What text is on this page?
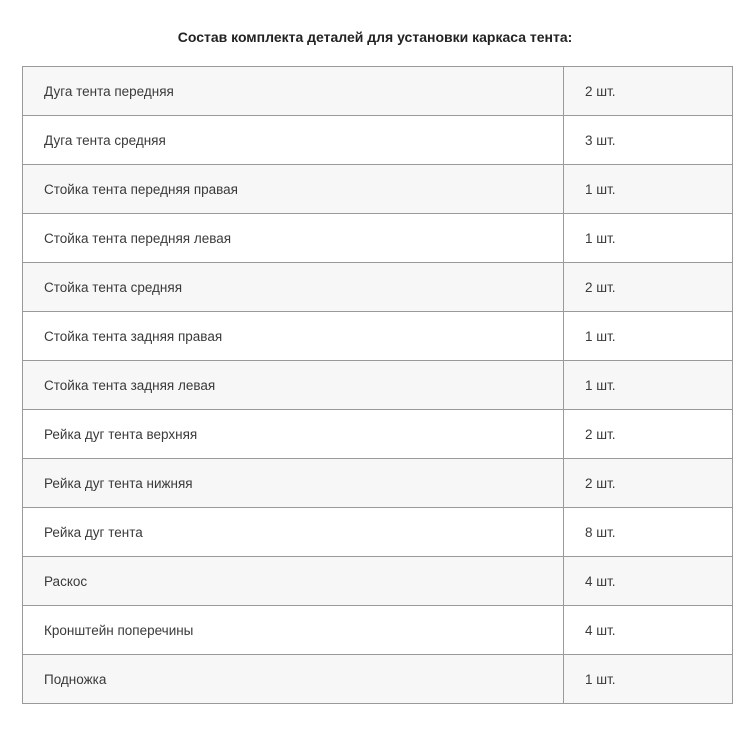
Состав комплекта деталей для установки каркаса тента:
Дуга тента передняя	2 шт.
Дуга тента средняя	3 шт.
Стойка тента передняя правая	1 шт.
Стойка тента передняя левая	1 шт.
Стойка тента средняя	2 шт.
Стойка тента задняя правая	1 шт.
Стойка тента задняя левая	1 шт.
Рейка дуг тента верхняя	2 шт.
Рейка дуг тента нижняя	2 шт.
Рейка дуг тента	8 шт.
Раскос	4 шт.
Кронштейн поперечины	4 шт.
Подножка	1 шт.
